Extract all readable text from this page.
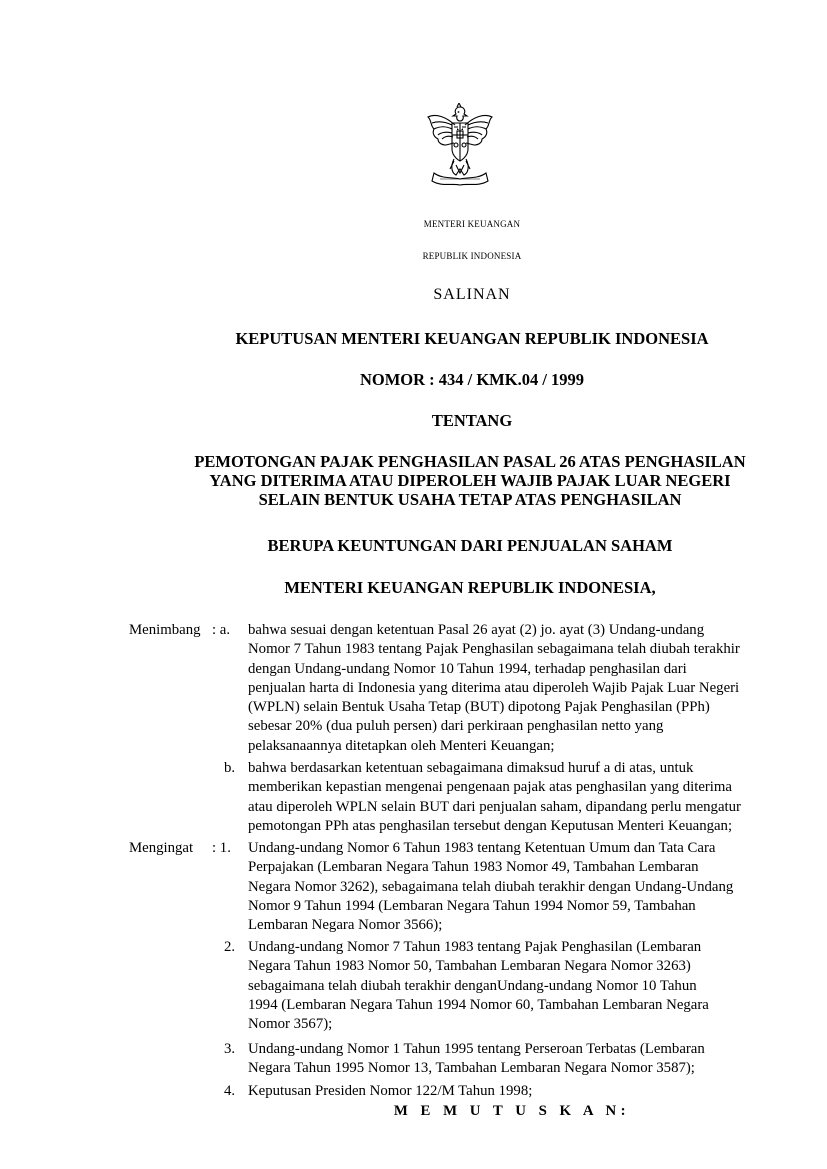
MENTERI KEUANGAN
REPUBLIK INDONESIA
SALINAN
KEPUTUSAN MENTERI KEUANGAN REPUBLIK INDONESIA
NOMOR : 434 / KMK.04 / 1999
TENTANG
PEMOTONGAN PAJAK PENGHASILAN PASAL 26 ATAS PENGHASILAN
YANG DITERIMA ATAU DIPEROLEH WAJIB PAJAK LUAR NEGERI
SELAIN BENTUK USAHA TETAP ATAS PENGHASILAN
BERUPA KEUNTUNGAN DARI PENJUALAN SAHAM
MENTERI KEUANGAN REPUBLIK INDONESIA,
Menimbang : a. bahwa sesuai dengan ketentuan Pasal 26 ayat (2) jo. ayat (3) Undang-undang
Nomor 7 Tahun 1983 tentang Pajak Penghasilan sebagaimana telah diubah terakhir
dengan Undang-undang Nomor 10 Tahun 1994, terhadap penghasilan dari
penjualan harta di Indonesia yang diterima atau diperoleh Wajib Pajak Luar Negeri
(WPLN) selain Bentuk Usaha Tetap (BUT) dipotong Pajak Penghasilan (PPh)
sebesar 20% (dua puluh persen) dari perkiraan penghasilan netto yang
pelaksanaannya ditetapkan oleh Menteri Keuangan;
b. bahwa berdasarkan ketentuan sebagaimana dimaksud huruf a di atas, untuk
memberikan kepastian mengenai pengenaan pajak atas penghasilan yang diterima
atau diperoleh WPLN selain BUT dari penjualan saham, dipandang perlu mengatur
pemotongan PPh atas penghasilan tersebut dengan Keputusan Menteri Keuangan;
Mengingat : 1. Undang-undang Nomor 6 Tahun 1983 tentang Ketentuan Umum dan Tata Cara
Perpajakan (Lembaran Negara Tahun 1983 Nomor 49, Tambahan Lembaran
Negara Nomor 3262), sebagaimana telah diubah terakhir dengan Undang-Undang
Nomor 9 Tahun 1994 (Lembaran Negara Tahun 1994 Nomor 59, Tambahan
Lembaran Negara Nomor 3566);
2. Undang-undang Nomor 7 Tahun 1983 tentang Pajak Penghasilan (Lembaran
Negara Tahun 1983 Nomor 50, Tambahan Lembaran Negara Nomor 3263)
sebagaimana telah diubah terakhir denganUndang-undang Nomor 10 Tahun
1994 (Lembaran Negara Tahun 1994 Nomor 60, Tambahan Lembaran Negara
Nomor 3567);
3. Undang-undang Nomor 1 Tahun 1995 tentang Perseroan Terbatas (Lembaran
Negara Tahun 1995 Nomor 13, Tambahan Lembaran Negara Nomor 3587);
4. Keputusan Presiden Nomor 122/M Tahun 1998;
M E M U T U S K A N:
